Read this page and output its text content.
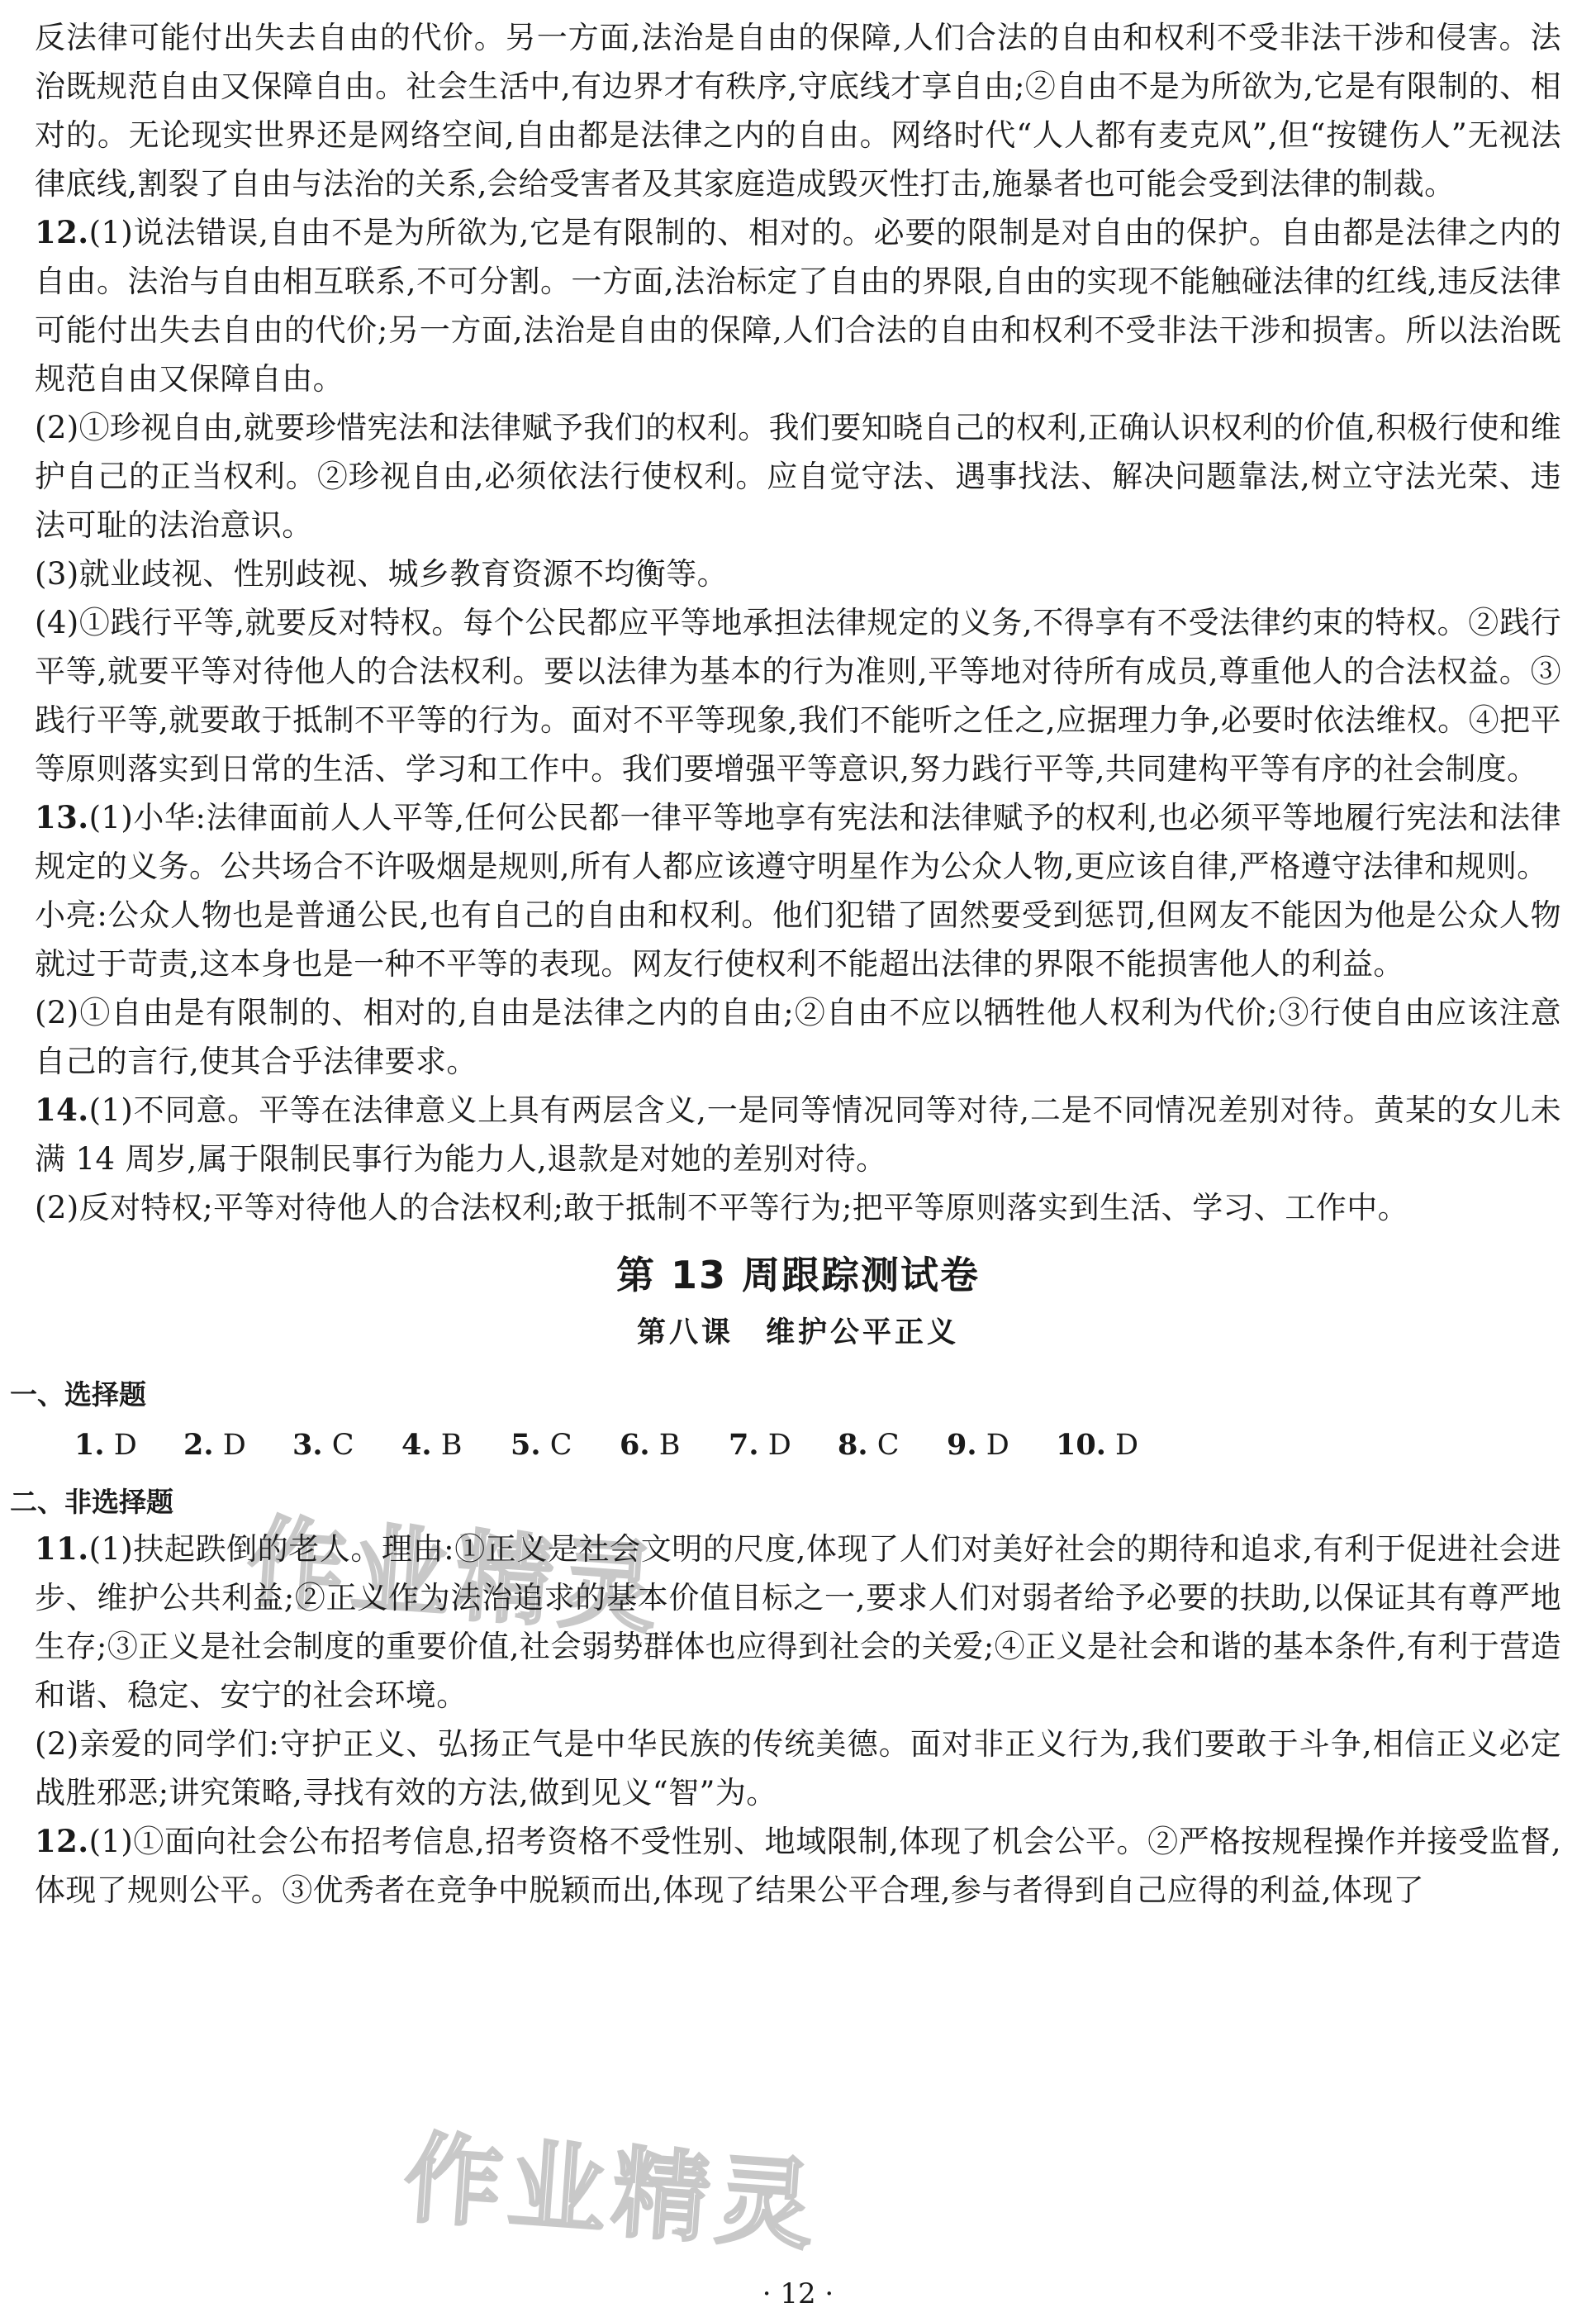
作业精灵
作业精灵

反法律可能付出失去自由的代价。另一方面,法治是自由的保障,人们合法的自由和权利不受非法干涉和侵害。法治既规范自由又保障自由。社会生活中,有边界才有秩序,守底线才享自由;②自由不是为所欲为,它是有限制的、相对的。无论现实世界还是网络空间,自由都是法律之内的自由。网络时代“人人都有麦克风”,但“按键伤人”无视法律底线,割裂了自由与法治的关系,会给受害者及其家庭造成毁灭性打击,施暴者也可能会受到法律的制裁。

12.(1)说法错误,自由不是为所欲为,它是有限制的、相对的。必要的限制是对自由的保护。自由都是法律之内的自由。法治与自由相互联系,不可分割。一方面,法治标定了自由的界限,自由的实现不能触碰法律的红线,违反法律可能付出失去自由的代价;另一方面,法治是自由的保障,人们合法的自由和权利不受非法干涉和损害。所以法治既规范自由又保障自由。

(2)①珍视自由,就要珍惜宪法和法律赋予我们的权利。我们要知晓自己的权利,正确认识权利的价值,积极行使和维护自己的正当权利。②珍视自由,必须依法行使权利。应自觉守法、遇事找法、解决问题靠法,树立守法光荣、违法可耻的法治意识。

(3)就业歧视、性别歧视、城乡教育资源不均衡等。

(4)①践行平等,就要反对特权。每个公民都应平等地承担法律规定的义务,不得享有不受法律约束的特权。②践行平等,就要平等对待他人的合法权利。要以法律为基本的行为准则,平等地对待所有成员,尊重他人的合法权益。③践行平等,就要敢于抵制不平等的行为。面对不平等现象,我们不能听之任之,应据理力争,必要时依法维权。④把平等原则落实到日常的生活、学习和工作中。我们要增强平等意识,努力践行平等,共同建构平等有序的社会制度。

13.(1)小华:法律面前人人平等,任何公民都一律平等地享有宪法和法律赋予的权利,也必须平等地履行宪法和法律规定的义务。公共场合不许吸烟是规则,所有人都应该遵守明星作为公众人物,更应该自律,严格遵守法律和规则。

小亮:公众人物也是普通公民,也有自己的自由和权利。他们犯错了固然要受到惩罚,但网友不能因为他是公众人物就过于苛责,这本身也是一种不平等的表现。网友行使权利不能超出法律的界限不能损害他人的利益。

(2)①自由是有限制的、相对的,自由是法律之内的自由;②自由不应以牺牲他人权利为代价;③行使自由应该注意自己的言行,使其合乎法律要求。

14.(1)不同意。平等在法律意义上具有两层含义,一是同等情况同等对待,二是不同情况差别对待。黄某的女儿未满 14 周岁,属于限制民事行为能力人,退款是对她的差别对待。

(2)反对特权;平等对待他人的合法权利;敢于抵制不平等行为;把平等原则落实到生活、学习、工作中。

第 13 周跟踪测试卷
第八课　维护公平正义
一、选择题
1. D	2. D	3. C	4. B	5. C	6. B	7. D	8. C	9. D	10. D
二、非选择题

11.(1)扶起跌倒的老人。理由:①正义是社会文明的尺度,体现了人们对美好社会的期待和追求,有利于促进社会进步、维护公共利益;②正义作为法治追求的基本价值目标之一,要求人们对弱者给予必要的扶助,以保证其有尊严地生存;③正义是社会制度的重要价值,社会弱势群体也应得到社会的关爱;④正义是社会和谐的基本条件,有利于营造和谐、稳定、安宁的社会环境。

(2)亲爱的同学们:守护正义、弘扬正气是中华民族的传统美德。面对非正义行为,我们要敢于斗争,相信正义必定战胜邪恶;讲究策略,寻找有效的方法,做到见义“智”为。

12.(1)①面向社会公布招考信息,招考资格不受性别、地域限制,体现了机会公平。②严格按规程操作并接受监督,体现了规则公平。③优秀者在竞争中脱颖而出,体现了结果公平合理,参与者得到自己应得的利益,体现了

· 12 ·
